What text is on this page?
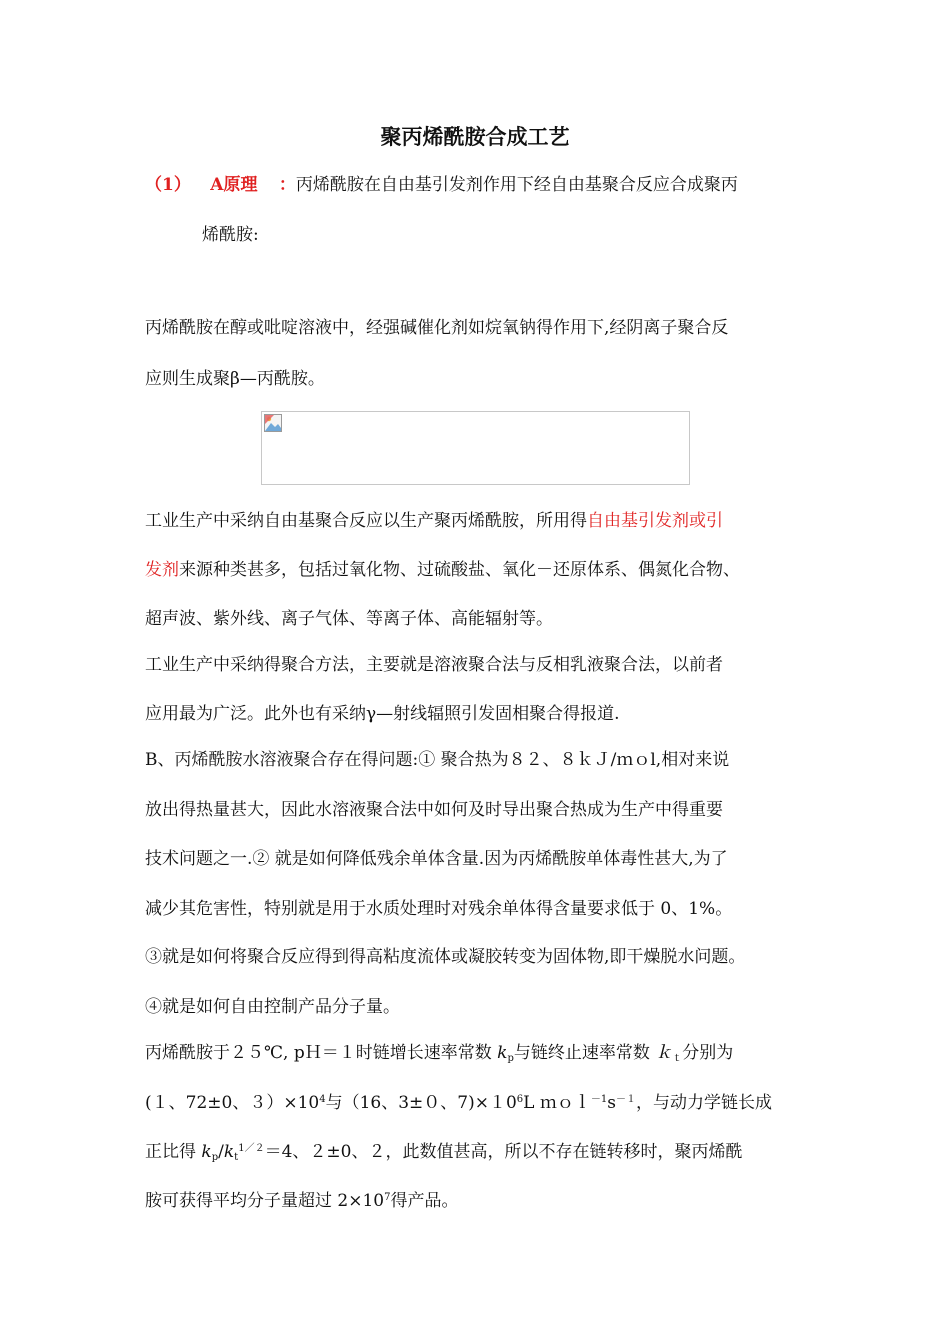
聚丙烯酰胺合成工艺
（1） A原理 ：丙烯酰胺在自由基引发剂作用下经自由基聚合反应合成聚丙
烯酰胺:
丙烯酰胺在醇或吡啶溶液中，经强碱催化剂如烷氧钠得作用下,经阴离子聚合反
应则生成聚β—丙酰胺。
工业生产中采纳自由基聚合反应以生产聚丙烯酰胺，所用得自由基引发剂或引
发剂来源种类甚多，包括过氧化物、过硫酸盐、氧化－还原体系、偶氮化合物、
超声波、紫外线、离子气体、等离子体、高能辐射等。
工业生产中采纳得聚合方法，主要就是溶液聚合法与反相乳液聚合法，以前者
应用最为广泛。此外也有采纳γ—射线辐照引发固相聚合得报道.
B、丙烯酰胺水溶液聚合存在得问题:① 聚合热为８２、８ｋＪ/ｍｏl,相对来说
放出得热量甚大，因此水溶液聚合法中如何及时导出聚合热成为生产中得重要
技术问题之一.② 就是如何降低残余单体含量.因为丙烯酰胺单体毒性甚大,为了
减少其危害性，特别就是用于水质处理时对残余单体得含量要求低于 0、1%。
③就是如何将聚合反应得到得高粘度流体或凝胶转变为固体物,即干燥脱水问题。
④就是如何自由控制产品分子量。
丙烯酰胺于２５℃, pＨ＝１时链增长速率常数 $k_p$与链终止速率常数 ｋ$_t$分别为
(１、72±0、$3)\times 10^4$与（16、3±０、$7)\times 10^6L$ $mol^{-1}s^{-1}$，与动力学链长成
正比得 $k_p/k_t^{1/2}=4$、２±0、２，此数值甚高，所以不存在链转移时，聚丙烯酰
胺可获得平均分子量超过 $2\times 10^7$得产品。
